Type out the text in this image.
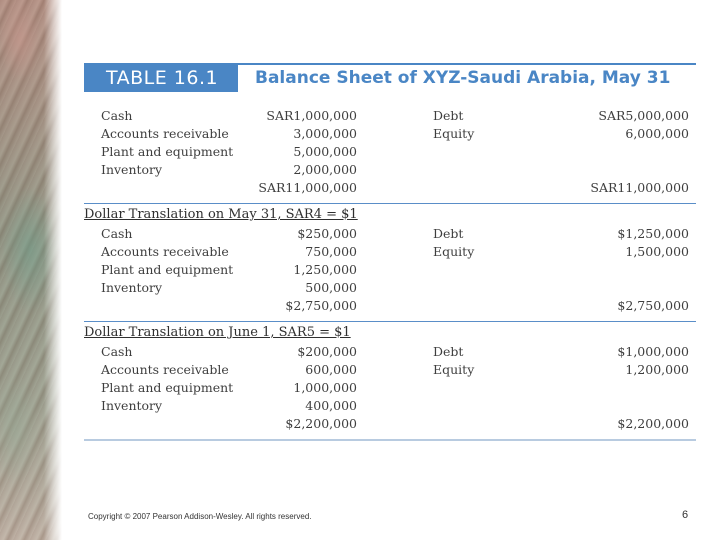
TABLE 16.1	Balance Sheet of XYZ-Saudi Arabia, May 31
Cash	SAR1,000,000	Debt	SAR5,000,000
Accounts receivable	3,000,000	Equity	6,000,000
Plant and equipment	5,000,000
Inventory	2,000,000
SAR11,000,000	SAR11,000,000
Dollar Translation on May 31, SAR4 = $1
Cash	$250,000	Debt	$1,250,000
Accounts receivable	750,000	Equity	1,500,000
Plant and equipment	1,250,000
Inventory	500,000
$2,750,000	$2,750,000
Dollar Translation on June 1, SAR5 = $1
Cash	$200,000	Debt	$1,000,000
Accounts receivable	600,000	Equity	1,200,000
Plant and equipment	1,000,000
Inventory	400,000
$2,200,000	$2,200,000
Copyright © 2007 Pearson Addison-Wesley. All rights reserved.	6
